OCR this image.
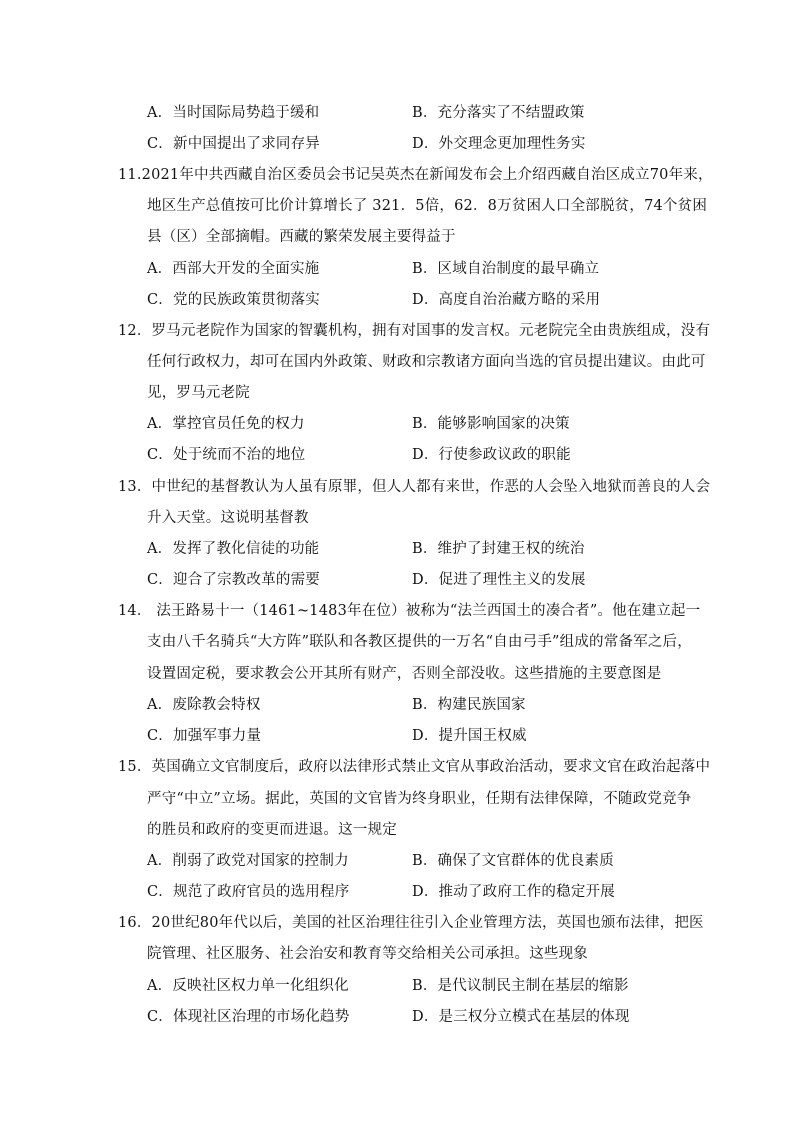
A．当时国际局势趋于缓和	B．充分落实了不结盟政策
C．新中国提出了求同存异	D．外交理念更加理性务实
11.2021年中共西藏自治区委员会书记吴英杰在新闻发布会上介绍西藏自治区成立70年来，
地区生产总值按可比价计算增长了 321．5倍，62．8万贫困人口全部脱贫，74个贫困
县（区）全部摘帽。西藏的繁荣发展主要得益于
A．西部大开发的全面实施	B．区域自治制度的最早确立
C．党的民族政策贯彻落实	D．高度自治治藏方略的采用
12．罗马元老院作为国家的智囊机构，拥有对国事的发言权。元老院完全由贵族组成，没有
任何行政权力，却可在国内外政策、财政和宗教诸方面向当选的官员提出建议。由此可
见，罗马元老院
A．掌控官员任免的权力	B．能够影响国家的决策
C．处于统而不治的地位	D．行使参政议政的职能
13．中世纪的基督教认为人虽有原罪，但人人都有来世，作恶的人会坠入地狱而善良的人会
升入天堂。这说明基督教
A．发挥了教化信徒的功能	B．维护了封建王权的统治
C．迎合了宗教改革的需要	D．促进了理性主义的发展
14． 法王路易十一（1461~1483年在位）被称为“法兰西国土的凑合者”。他在建立起一
支由八千名骑兵“大方阵”联队和各教区提供的一万名“自由弓手”组成的常备军之后，
设置固定税，要求教会公开其所有财产，否则全部没收。这些措施的主要意图是
A．废除教会特权	B．构建民族国家
C．加强军事力量	D．提升国王权威
15．英国确立文官制度后，政府以法律形式禁止文官从事政治活动，要求文官在政治起落中
严守“中立”立场。据此，英国的文官皆为终身职业，任期有法律保障，不随政党竞争
的胜员和政府的变更而进退。这一规定
A．削弱了政党对国家的控制力	B．确保了文官群体的优良素质
C．规范了政府官员的选用程序	D．推动了政府工作的稳定开展
16．20世纪80年代以后，美国的社区治理往往引入企业管理方法，英国也颁布法律，把医
院管理、社区服务、社会治安和教育等交给相关公司承担。这些现象
A．反映社区权力单一化组织化	B．是代议制民主制在基层的缩影
C．体现社区治理的市场化趋势	D．是三权分立模式在基层的体现
